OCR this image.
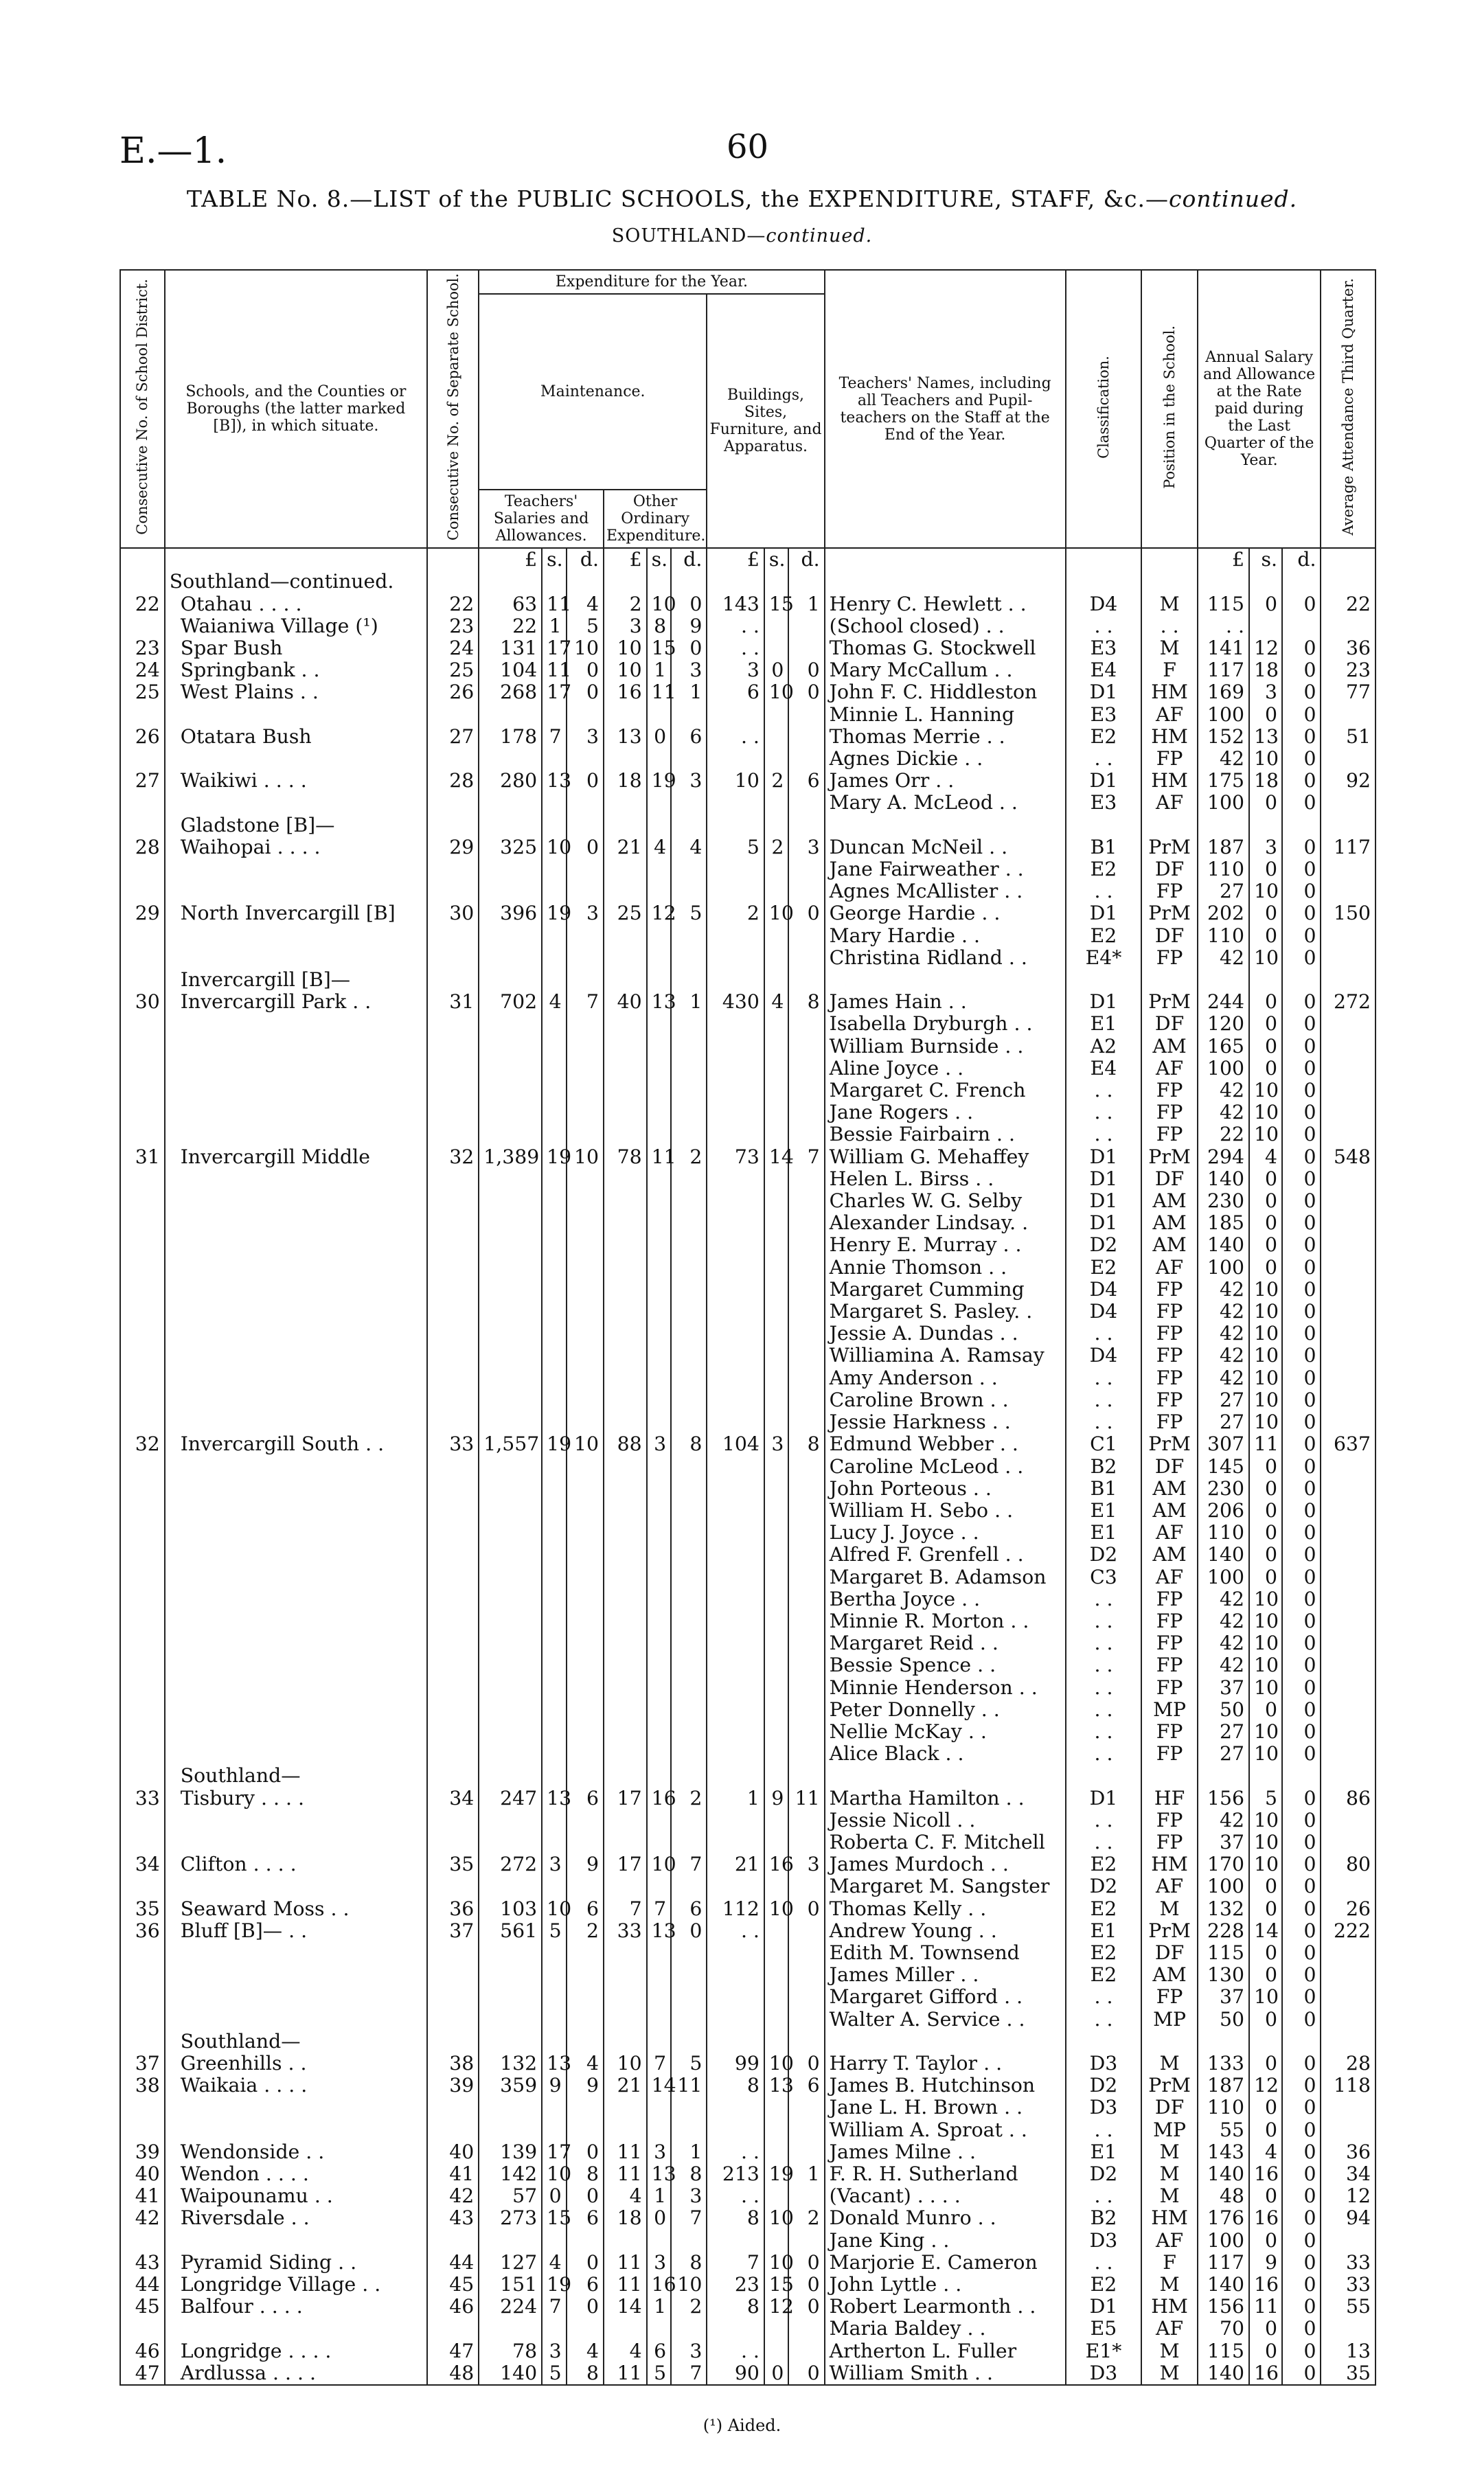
E.—1.	60
TABLE No. 8.—LIST of the PUBLIC SCHOOLS, the EXPENDITURE, STAFF, &c.—continued.
SOUTHLAND—continued.
Consecutive No. of School District.	Schools, and the Counties or Boroughs (the latter marked [B]), in which situate.	Consecutive No. of Separate School.	Expenditure for the Year.									Teachers' Names, including all Teachers and Pupil-teachers on the Staff at the End of the Year.	Classification.	Position in the School.	Annual Salary and Allowance at the Rate paid during the Last Quarter of the Year.			Average Attendance Third Quarter.
			Maintenance.						Buildings, Sites, Furniture, and Apparatus.									
			Teachers' Salaries and Allowances.			Other Ordinary Expenditure.												
			£	s.	d.	£	s.	d.	£	s.	d.				£	s.	d.	
	Southland—continued.																	
22	Otahau . . . .	22	63	11	4	2	10	0	143	15	1	Henry C. Hewlett . .	D4	M	115	0	0	22
	Waianiwa Village (¹)	23	22	1	5	3	8	9	. .			(School closed) . .	. .	. .	. .			
23	Spar Bush	24	131	17	10	10	15	0	. .			Thomas G. Stockwell	E3	M	141	12	0	36
24	Springbank . .	25	104	11	0	10	1	3	3	0	0	Mary McCallum . .	E4	F	117	18	0	23
25	West Plains . .	26	268	17	0	16	11	1	6	10	0	John F. C. Hiddleston	D1	HM	169	3	0	77
												Minnie L. Hanning	E3	AF	100	0	0	
26	Otatara Bush	27	178	7	3	13	0	6	. .			Thomas Merrie . .	E2	HM	152	13	0	51
												Agnes Dickie . .	. .	FP	42	10	0	
27	Waikiwi . . . .	28	280	13	0	18	19	3	10	2	6	James Orr . .	D1	HM	175	18	0	92
												Mary A. McLeod . .	E3	AF	100	0	0	
	Gladstone [B]—																	
28	Waihopai . . . .	29	325	10	0	21	4	4	5	2	3	Duncan McNeil . .	B1	PrM	187	3	0	117
												Jane Fairweather . .	E2	DF	110	0	0	
												Agnes McAllister . .	. .	FP	27	10	0	
29	North Invercargill [B]	30	396	19	3	25	12	5	2	10	0	George Hardie . .	D1	PrM	202	0	0	150
												Mary Hardie . .	E2	DF	110	0	0	
												Christina Ridland . .	E4*	FP	42	10	0	
	Invercargill [B]—																	
30	Invercargill Park . .	31	702	4	7	40	13	1	430	4	8	James Hain . .	D1	PrM	244	0	0	272
												Isabella Dryburgh . .	E1	DF	120	0	0	
												William Burnside . .	A2	AM	165	0	0	
												Aline Joyce . .	E4	AF	100	0	0	
												Margaret C. French	. .	FP	42	10	0	
												Jane Rogers . .	. .	FP	42	10	0	
												Bessie Fairbairn . .	. .	FP	22	10	0	
31	Invercargill Middle	32	1,389	19	10	78	11	2	73	14	7	William G. Mehaffey	D1	PrM	294	4	0	548
												Helen L. Birss . .	D1	DF	140	0	0	
												Charles W. G. Selby	D1	AM	230	0	0	
												Alexander Lindsay. .	D1	AM	185	0	0	
												Henry E. Murray . .	D2	AM	140	0	0	
												Annie Thomson . .	E2	AF	100	0	0	
												Margaret Cumming	D4	FP	42	10	0	
												Margaret S. Pasley. .	D4	FP	42	10	0	
												Jessie A. Dundas . .	. .	FP	42	10	0	
												Williamina A. Ramsay	D4	FP	42	10	0	
												Amy Anderson . .	. .	FP	42	10	0	
												Caroline Brown . .	. .	FP	27	10	0	
												Jessie Harkness . .	. .	FP	27	10	0	
32	Invercargill South . .	33	1,557	19	10	88	3	8	104	3	8	Edmund Webber . .	C1	PrM	307	11	0	637
												Caroline McLeod . .	B2	DF	145	0	0	
												John Porteous . .	B1	AM	230	0	0	
												William H. Sebo . .	E1	AM	206	0	0	
												Lucy J. Joyce . .	E1	AF	110	0	0	
												Alfred F. Grenfell . .	D2	AM	140	0	0	
												Margaret B. Adamson	C3	AF	100	0	0	
												Bertha Joyce . .	. .	FP	42	10	0	
												Minnie R. Morton . .	. .	FP	42	10	0	
												Margaret Reid . .	. .	FP	42	10	0	
												Bessie Spence . .	. .	FP	42	10	0	
												Minnie Henderson . .	. .	FP	37	10	0	
												Peter Donnelly . .	. .	MP	50	0	0	
												Nellie McKay . .	. .	FP	27	10	0	
												Alice Black . .	. .	FP	27	10	0	
	Southland—																	
33	Tisbury . . . .	34	247	13	6	17	16	2	1	9	11	Martha Hamilton . .	D1	HF	156	5	0	86
												Jessie Nicoll . .	. .	FP	42	10	0	
												Roberta C. F. Mitchell	. .	FP	37	10	0	
34	Clifton . . . .	35	272	3	9	17	10	7	21	16	3	James Murdoch . .	E2	HM	170	10	0	80
												Margaret M. Sangster	D2	AF	100	0	0	
35	Seaward Moss . .	36	103	10	6	7	7	6	112	10	0	Thomas Kelly . .	E2	M	132	0	0	26
36	Bluff [B]— . .	37	561	5	2	33	13	0	. .			Andrew Young . .	E1	PrM	228	14	0	222
												Edith M. Townsend	E2	DF	115	0	0	
												James Miller . .	E2	AM	130	0	0	
												Margaret Gifford . .	. .	FP	37	10	0	
												Walter A. Service . .	. .	MP	50	0	0	
	Southland—																	
37	Greenhills . .	38	132	13	4	10	7	5	99	10	0	Harry T. Taylor . .	D3	M	133	0	0	28
38	Waikaia . . . .	39	359	9	9	21	14	11	8	13	6	James B. Hutchinson	D2	PrM	187	12	0	118
												Jane L. H. Brown . .	D3	DF	110	0	0	
												William A. Sproat . .	. .	MP	55	0	0	
39	Wendonside . .	40	139	17	0	11	3	1	. .			James Milne . .	E1	M	143	4	0	36
40	Wendon . . . .	41	142	10	8	11	13	8	213	19	1	F. R. H. Sutherland	D2	M	140	16	0	34
41	Waipounamu . .	42	57	0	0	4	1	3	. .			(Vacant) . . . .	. .	M	48	0	0	12
42	Riversdale . .	43	273	15	6	18	0	7	8	10	2	Donald Munro . .	B2	HM	176	16	0	94
												Jane King . .	D3	AF	100	0	0	
43	Pyramid Siding . .	44	127	4	0	11	3	8	7	10	0	Marjorie E. Cameron	. .	F	117	9	0	33
44	Longridge Village . .	45	151	19	6	11	16	10	23	15	0	John Lyttle . .	E2	M	140	16	0	33
45	Balfour . . . .	46	224	7	0	14	1	2	8	12	0	Robert Learmonth . .	D1	HM	156	11	0	55
												Maria Baldey . .	E5	AF	70	0	0	
46	Longridge . . . .	47	78	3	4	4	6	3	. .			Artherton L. Fuller	E1*	M	115	0	0	13
47	Ardlussa . . . .	48	140	5	8	11	5	7	90	0	0	William Smith . .	D3	M	140	16	0	35
(¹) Aided.
